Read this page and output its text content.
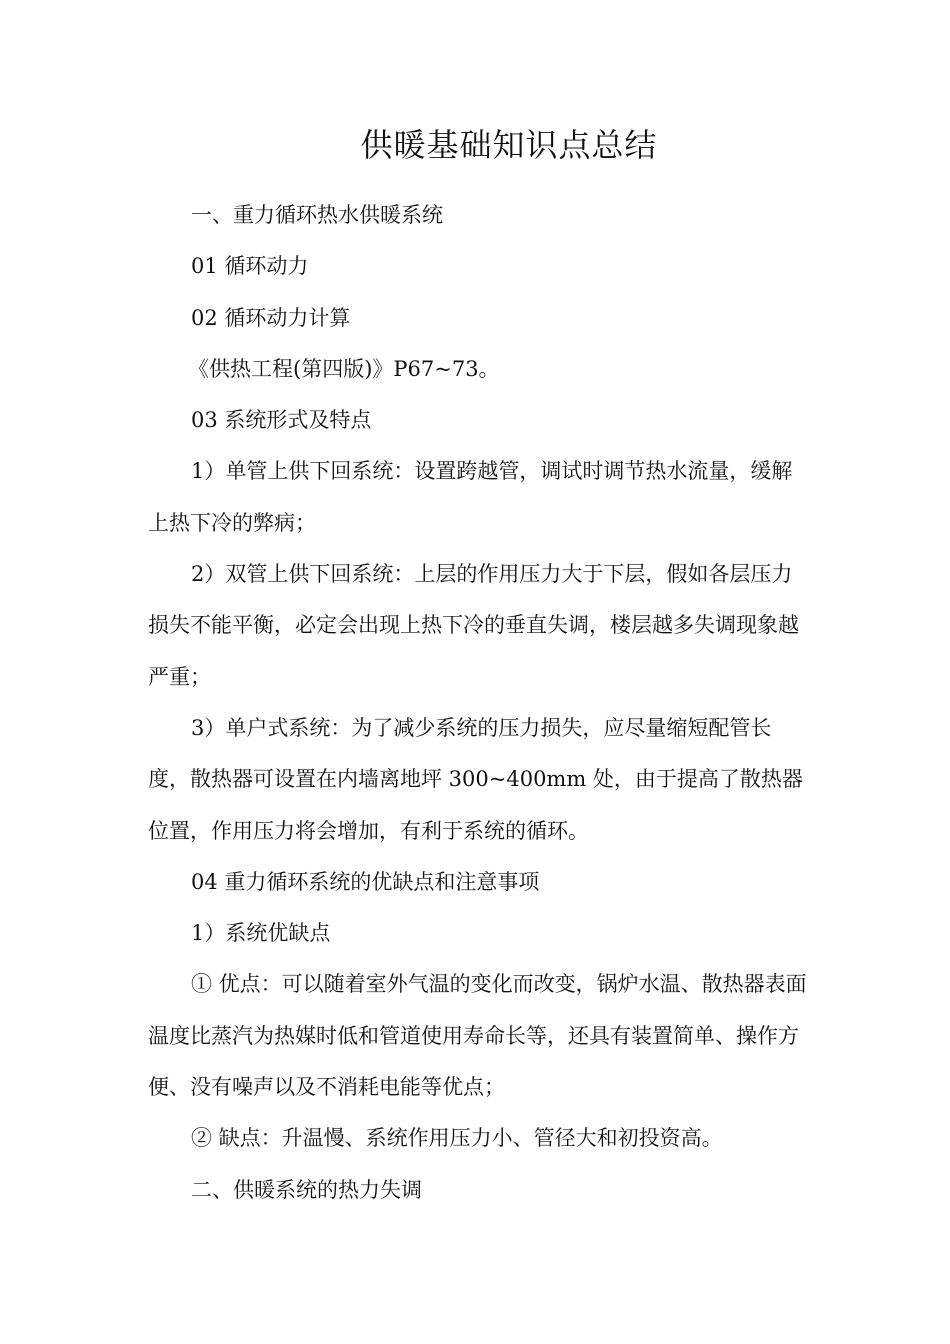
供暖基础知识点总结

一、重力循环热水供暖系统

01 循环动力

02 循环动力计算

《供热工程(第四版)》P67~73。

03 系统形式及特点

1）单管上供下回系统：设置跨越管，调试时调节热水流量，缓解上热下冷的弊病；

2）双管上供下回系统：上层的作用压力大于下层，假如各层压力损失不能平衡，必定会出现上热下冷的垂直失调，楼层越多失调现象越严重；

3）单户式系统：为了减少系统的压力损失，应尽量缩短配管长度，散热器可设置在内墙离地坪 300~400mm 处，由于提高了散热器位置，作用压力将会增加，有利于系统的循环。

04 重力循环系统的优缺点和注意事项

1）系统优缺点

① 优点：可以随着室外气温的变化而改变，锅炉水温、散热器表面温度比蒸汽为热媒时低和管道使用寿命长等，还具有装置简单、操作方便、没有噪声以及不消耗电能等优点；

② 缺点：升温慢、系统作用压力小、管径大和初投资高。

二、供暖系统的热力失调
